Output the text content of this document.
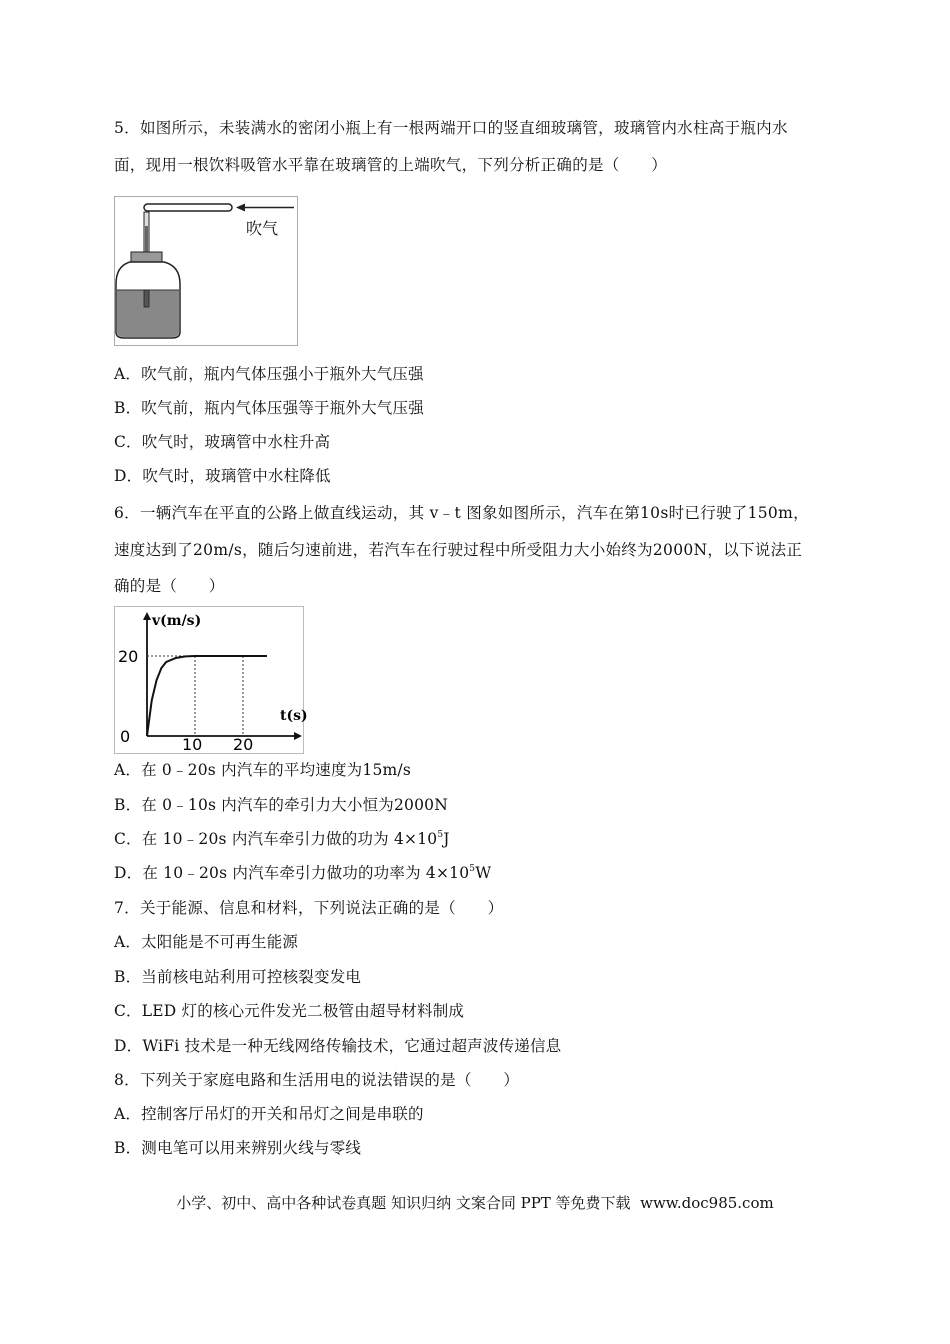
5．如图所示，未装满水的密闭小瓶上有一根两端开口的竖直细玻璃管，玻璃管内水柱高于瓶内水
面，现用一根饮料吸管水平靠在玻璃管的上端吹气，下列分析正确的是（　　）
吹气
A．吹气前，瓶内气体压强小于瓶外大气压强
B．吹气前，瓶内气体压强等于瓶外大气压强
C．吹气时，玻璃管中水柱升高
D．吹气时，玻璃管中水柱降低
6．一辆汽车在平直的公路上做直线运动，其 v﹣t 图象如图所示，汽车在第10s时已行驶了150m，
速度达到了20m/s，随后匀速前进，若汽车在行驶过程中所受阻力大小始终为2000N，以下说法正
确的是（　　）
v(m/s)
t(s)
0
20
10 20
A．在 0﹣20s 内汽车的平均速度为15m/s
B．在 0﹣10s 内汽车的牵引力大小恒为2000N
C．在 10﹣20s 内汽车牵引力做的功为 $4\times 10^5J$
D．在 10﹣20s 内汽车牵引力做功的功率为 $4\times 10^5W$
7．关于能源、信息和材料，下列说法正确的是（　　）
A．太阳能是不可再生能源
B．当前核电站利用可控核裂变发电
C．LED 灯的核心元件发光二极管由超导材料制成
D．WiFi 技术是一种无线网络传输技术，它通过超声波传递信息
8．下列关于家庭电路和生活用电的说法错误的是（　　）
A．控制客厅吊灯的开关和吊灯之间是串联的
B．测电笔可以用来辨别火线与零线
小学、初中、高中各种试卷真题 知识归纳 文案合同 PPT 等免费下载 www.doc985.com
